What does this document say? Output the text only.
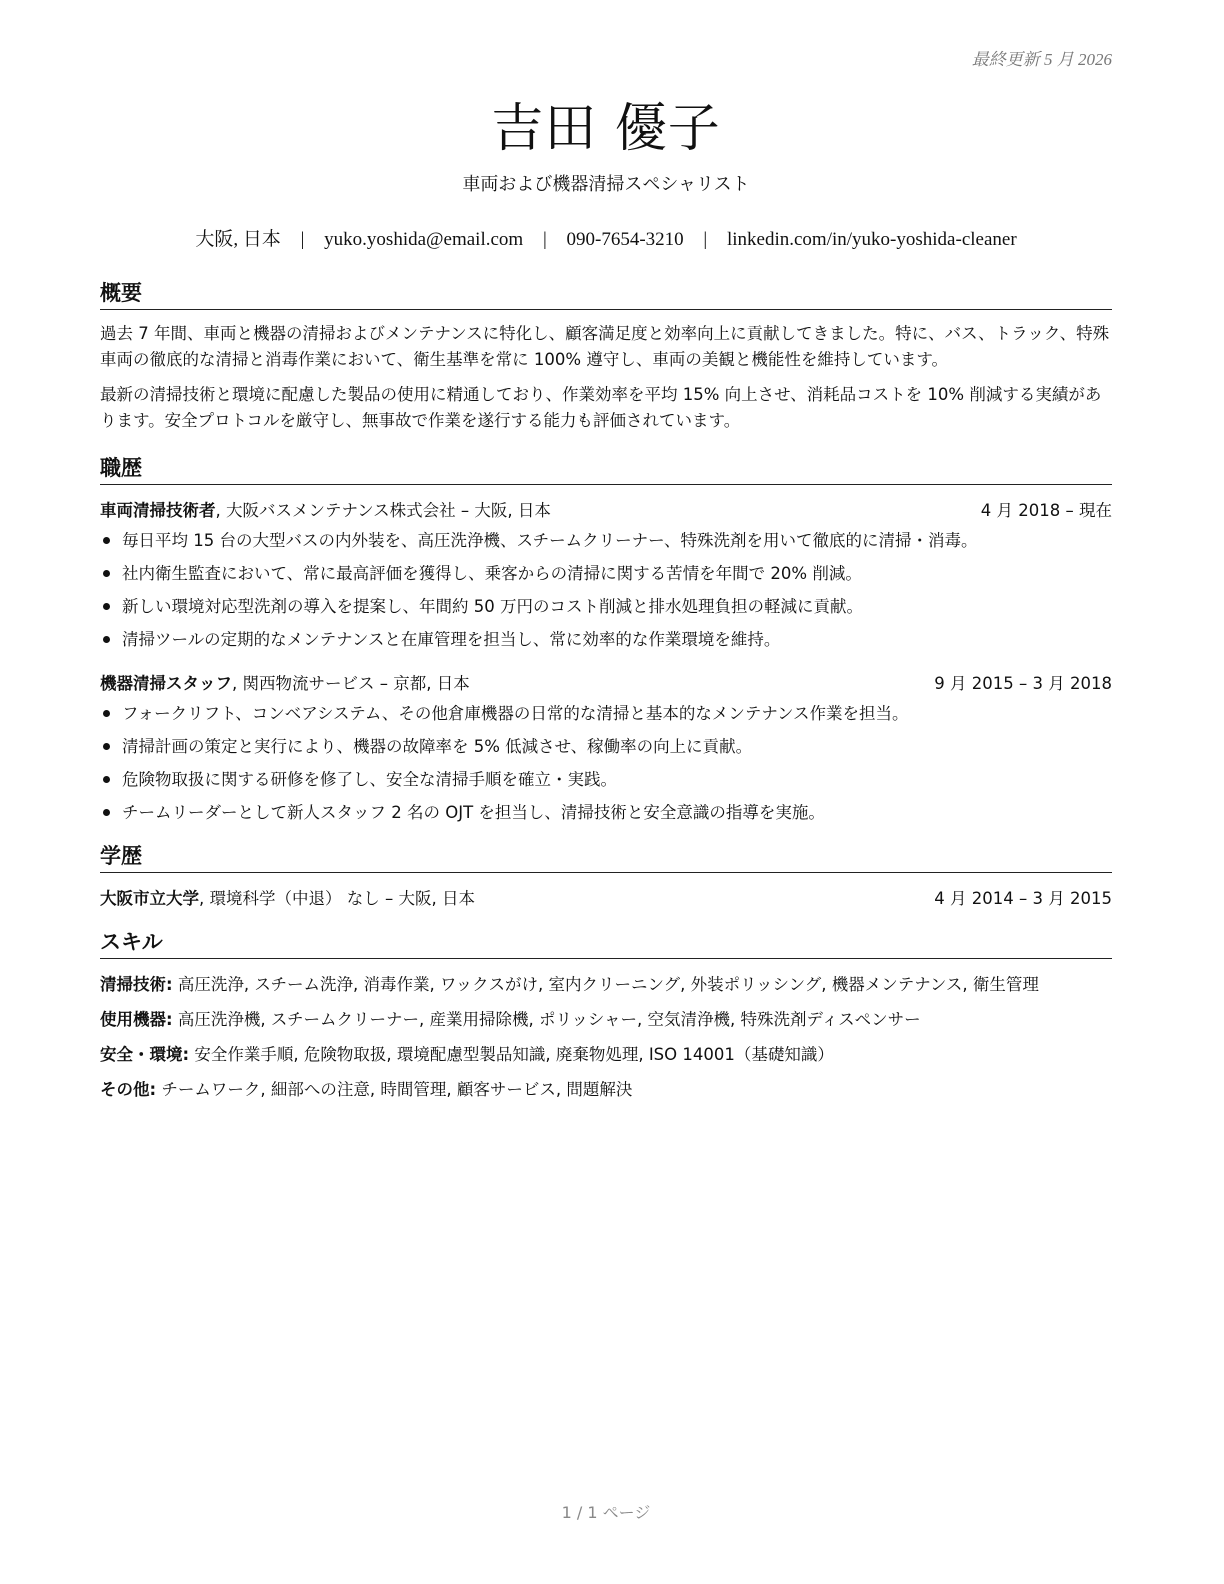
最終更新 5 月 2026
吉田 優子
車両および機器清掃スペシャリスト
大阪, 日本 | yuko.yoshida@email.com | 090-7654-3210 | linkedin.com/in/yuko-yoshida-cleaner
概要

過去 7 年間、車両と機器の清掃およびメンテナンスに特化し、顧客満足度と効率向上に貢献してきました。特に、バス、トラック、特殊車両の徹底的な清掃と消毒作業において、衛生基準を常に 100% 遵守し、車両の美観と機能性を維持しています。

最新の清掃技術と環境に配慮した製品の使用に精通しており、作業効率を平均 15% 向上させ、消耗品コストを 10% 削減する実績があります。安全プロトコルを厳守し、無事故で作業を遂行する能力も評価されています。

職歴
車両清掃技術者, 大阪バスメンテナンス株式会社 – 大阪, 日本	4 月 2018 – 現在
毎日平均 15 台の大型バスの内外装を、高圧洗浄機、スチームクリーナー、特殊洗剤を用いて徹底的に清掃・消毒。
社内衛生監査において、常に最高評価を獲得し、乗客からの清掃に関する苦情を年間で 20% 削減。
新しい環境対応型洗剤の導入を提案し、年間約 50 万円のコスト削減と排水処理負担の軽減に貢献。
清掃ツールの定期的なメンテナンスと在庫管理を担当し、常に効率的な作業環境を維持。
機器清掃スタッフ, 関西物流サービス – 京都, 日本	9 月 2015 – 3 月 2018
フォークリフト、コンベアシステム、その他倉庫機器の日常的な清掃と基本的なメンテナンス作業を担当。
清掃計画の策定と実行により、機器の故障率を 5% 低減させ、稼働率の向上に貢献。
危険物取扱に関する研修を修了し、安全な清掃手順を確立・実践。
チームリーダーとして新人スタッフ 2 名の OJT を担当し、清掃技術と安全意識の指導を実施。
学歴
大阪市立大学, 環境科学（中退） なし – 大阪, 日本	4 月 2014 – 3 月 2015
スキル
清掃技術: 高圧洗浄, スチーム洗浄, 消毒作業, ワックスがけ, 室内クリーニング, 外装ポリッシング, 機器メンテナンス, 衛生管理
使用機器: 高圧洗浄機, スチームクリーナー, 産業用掃除機, ポリッシャー, 空気清浄機, 特殊洗剤ディスペンサー
安全・環境: 安全作業手順, 危険物取扱, 環境配慮型製品知識, 廃棄物処理, ISO 14001（基礎知識）
その他: チームワーク, 細部への注意, 時間管理, 顧客サービス, 問題解決
1 / 1 ページ
